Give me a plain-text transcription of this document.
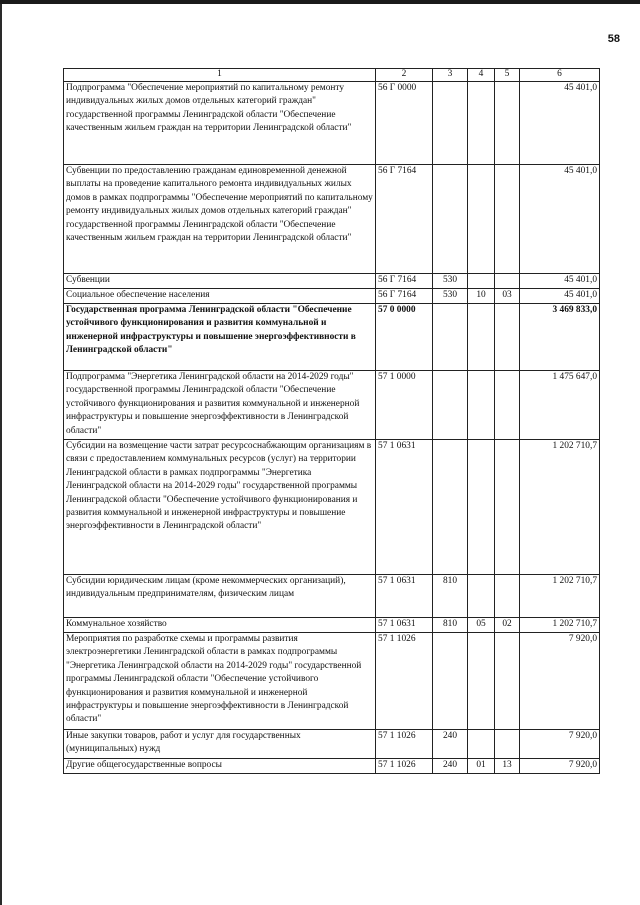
58
1	2	3	4	5	6
Подпрограмма "Обеспечение мероприятий по капитальному ремонту индивидуальных жилых домов отдельных категорий граждан" государственной программы Ленинградской области "Обеспечение качественным жильем граждан на территории Ленинградской области"	56 Г 0000				45 401,0
Субвенции по предоставлению гражданам единовременной денежной выплаты на проведение капитального ремонта индивидуальных жилых домов в рамках подпрограммы "Обеспечение мероприятий по капитальному ремонту индивидуальных жилых домов отдельных категорий граждан" государственной программы Ленинградской области "Обеспечение качественным жильем граждан на территории Ленинградской области"	56 Г 7164				45 401,0
Субвенции	56 Г 7164	530			45 401,0
Социальное обеспечение населения	56 Г 7164	530	10	03	45 401,0
Государственная программа Ленинградской области "Обеспечение устойчивого функционирования и развития коммунальной и инженерной инфраструктуры и повышение энергоэффективности в Ленинградской области"	57 0 0000				3 469 833,0
Подпрограмма "Энергетика Ленинградской области на 2014-2029 годы" государственной программы Ленинградской области "Обеспечение устойчивого функционирования и развития коммунальной и инженерной инфраструктуры и повышение энергоэффективности в Ленинградской области"	57 1 0000				1 475 647,0
Субсидии на возмещение части затрат ресурсоснабжающим организациям в связи с предоставлением коммунальных ресурсов (услуг) на территории Ленинградской области в рамках подпрограммы "Энергетика Ленинградской области на 2014-2029 годы" государственной программы Ленинградской области "Обеспечение устойчивого функционирования и развития коммунальной и инженерной инфраструктуры и повышение энергоэффективности в Ленинградской области"	57 1 0631				1 202 710,7
Субсидии юридическим лицам (кроме некоммерческих организаций), индивидуальным предпринимателям, физическим лицам	57 1 0631	810			1 202 710,7
Коммунальное хозяйство	57 1 0631	810	05	02	1 202 710,7
Мероприятия по разработке схемы и программы развития электроэнергетики Ленинградской области в рамках подпрограммы "Энергетика Ленинградской области на 2014-2029 годы" государственной программы Ленинградской области "Обеспечение устойчивого функционирования и развития коммунальной и инженерной инфраструктуры и повышение энергоэффективности в Ленинградской области"	57 1 1026				7 920,0
Иные закупки товаров, работ и услуг для государственных (муниципальных) нужд	57 1 1026	240			7 920,0
Другие общегосударственные вопросы	57 1 1026	240	01	13	7 920,0
